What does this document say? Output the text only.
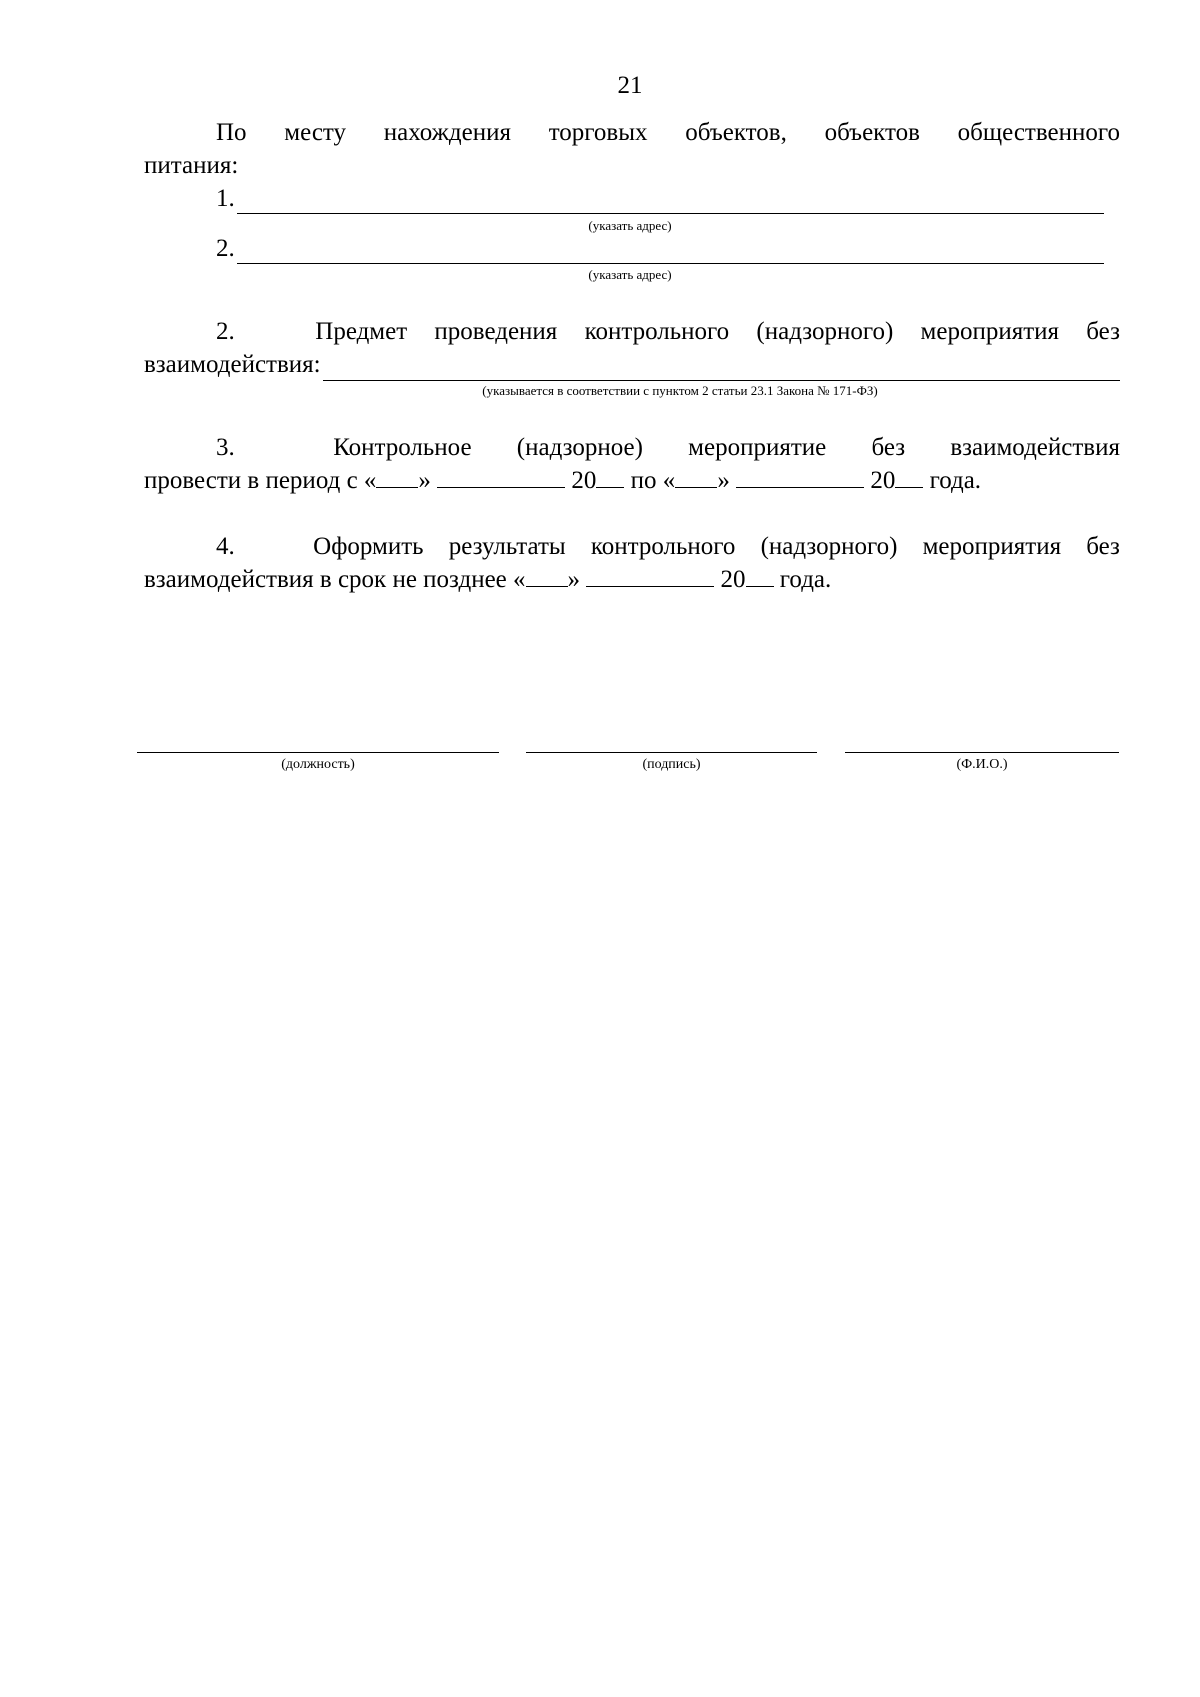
21
По месту нахождения торговых объектов, объектов общественного
питания:
1.
(указать адрес)
2.
(указать адрес)
2.	Предмет проведения контрольного (надзорного) мероприятия без
взаимодействия:
(указывается в соответствии с пунктом 2 статьи 23.1 Закона № 171-ФЗ)
3.	Контрольное (надзорное) мероприятие без взаимодействия
провести в период с « »	20 по « »	20 года.
4.	Оформить результаты контрольного (надзорного) мероприятия без
взаимодействия в срок не позднее « »	20 года.
(должность)	(подпись)	(Ф.И.О.)
